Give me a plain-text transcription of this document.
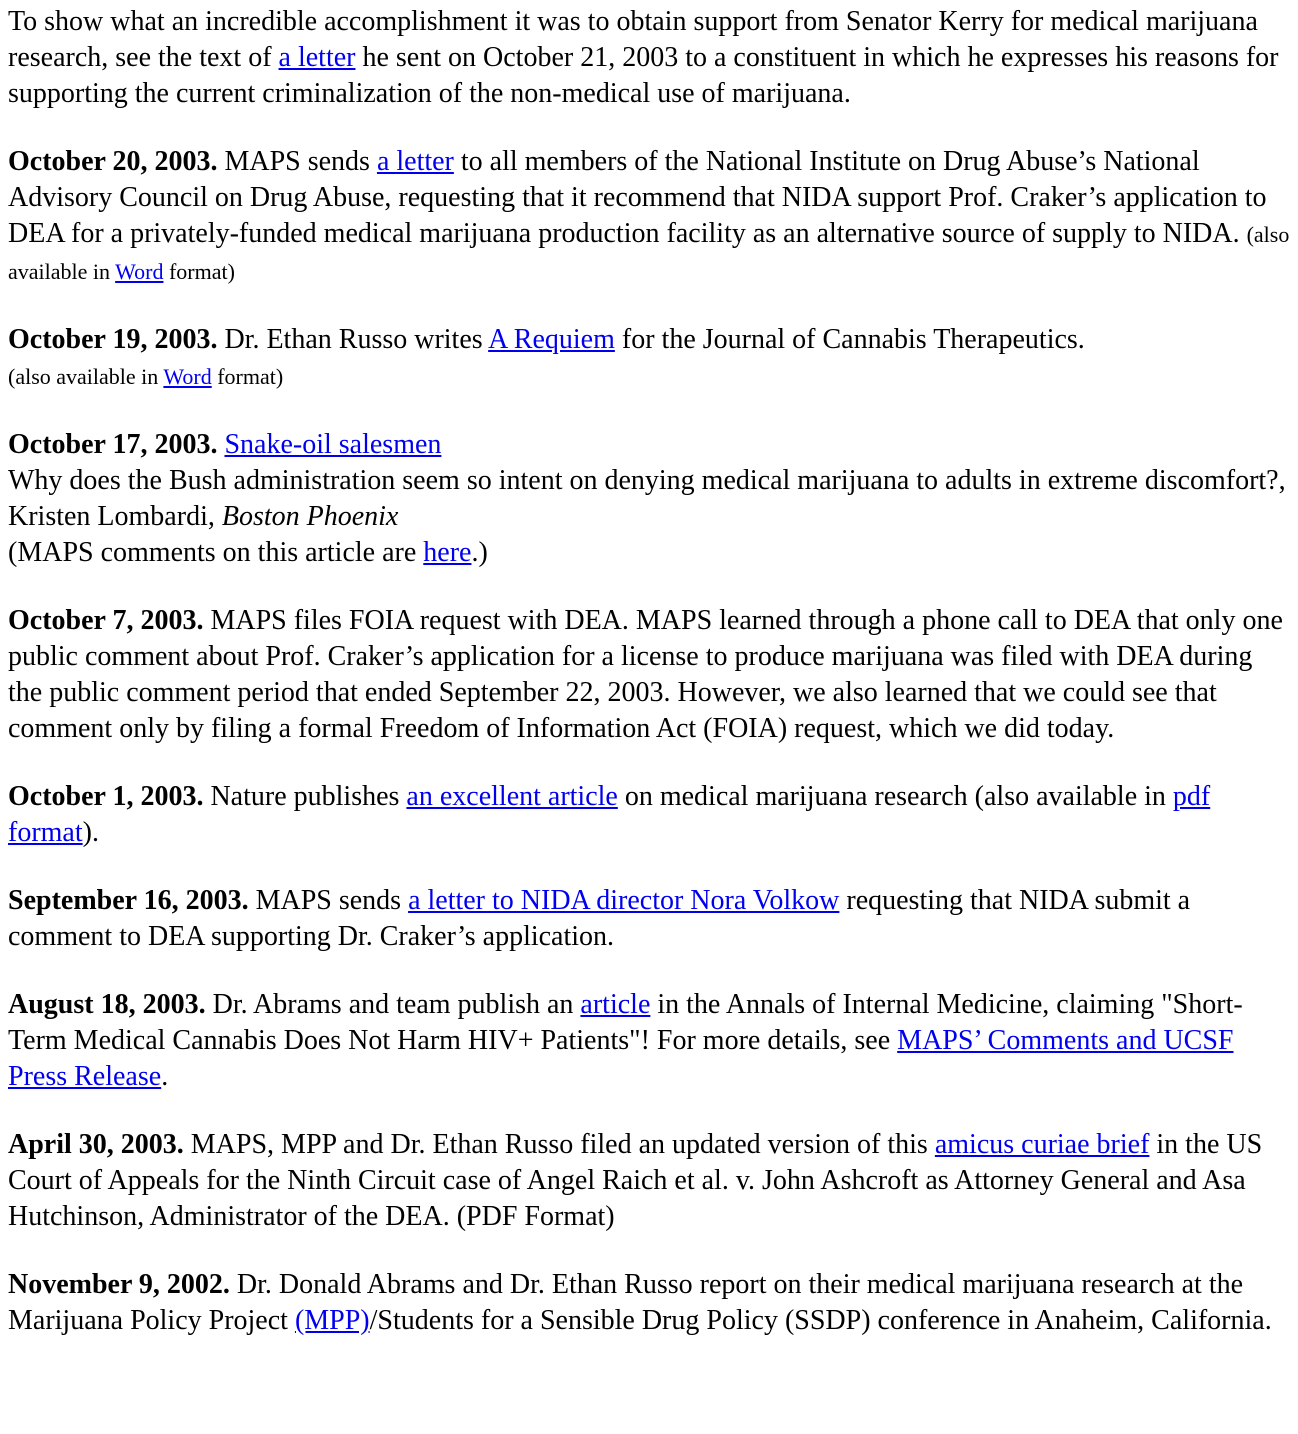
To show what an incredible accomplishment it was to obtain support from Senator Kerry for medical marijuana research, see the text of a letter he sent on October 21, 2003 to a constituent in which he expresses his reasons for supporting the current criminalization of the non-medical use of marijuana.

October 20, 2003. MAPS sends a letter to all members of the National Institute on Drug Abuse’s National Advisory Council on Drug Abuse, requesting that it recommend that NIDA support Prof. Craker’s application to DEA for a privately-funded medical marijuana production facility as an alternative source of supply to NIDA. (also available in Word format)

October 19, 2003. Dr. Ethan Russo writes A Requiem for the Journal of Cannabis Therapeutics.
(also available in Word format)

October 17, 2003. Snake-oil salesmen
Why does the Bush administration seem so intent on denying medical marijuana to adults in extreme discomfort?, Kristen Lombardi, Boston Phoenix
(MAPS comments on this article are here.)

October 7, 2003. MAPS files FOIA request with DEA. MAPS learned through a phone call to DEA that only one public comment about Prof. Craker’s application for a license to produce marijuana was filed with DEA during the public comment period that ended September 22, 2003. However, we also learned that we could see that comment only by filing a formal Freedom of Information Act (FOIA) request, which we did today.

October 1, 2003. Nature publishes an excellent article on medical marijuana research (also available in pdf format).

September 16, 2003. MAPS sends a letter to NIDA director Nora Volkow requesting that NIDA submit a comment to DEA supporting Dr. Craker’s application.

August 18, 2003. Dr. Abrams and team publish an article in the Annals of Internal Medicine, claiming "Short-Term Medical Cannabis Does Not Harm HIV+ Patients"! For more details, see MAPS’ Comments and UCSF Press Release.

April 30, 2003. MAPS, MPP and Dr. Ethan Russo filed an updated version of this amicus curiae brief in the US Court of Appeals for the Ninth Circuit case of Angel Raich et al. v. John Ashcroft as Attorney General and Asa Hutchinson, Administrator of the DEA. (PDF Format)

November 9, 2002. Dr. Donald Abrams and Dr. Ethan Russo report on their medical marijuana research at the Marijuana Policy Project (MPP)/Students for a Sensible Drug Policy (SSDP) conference in Anaheim, California.
